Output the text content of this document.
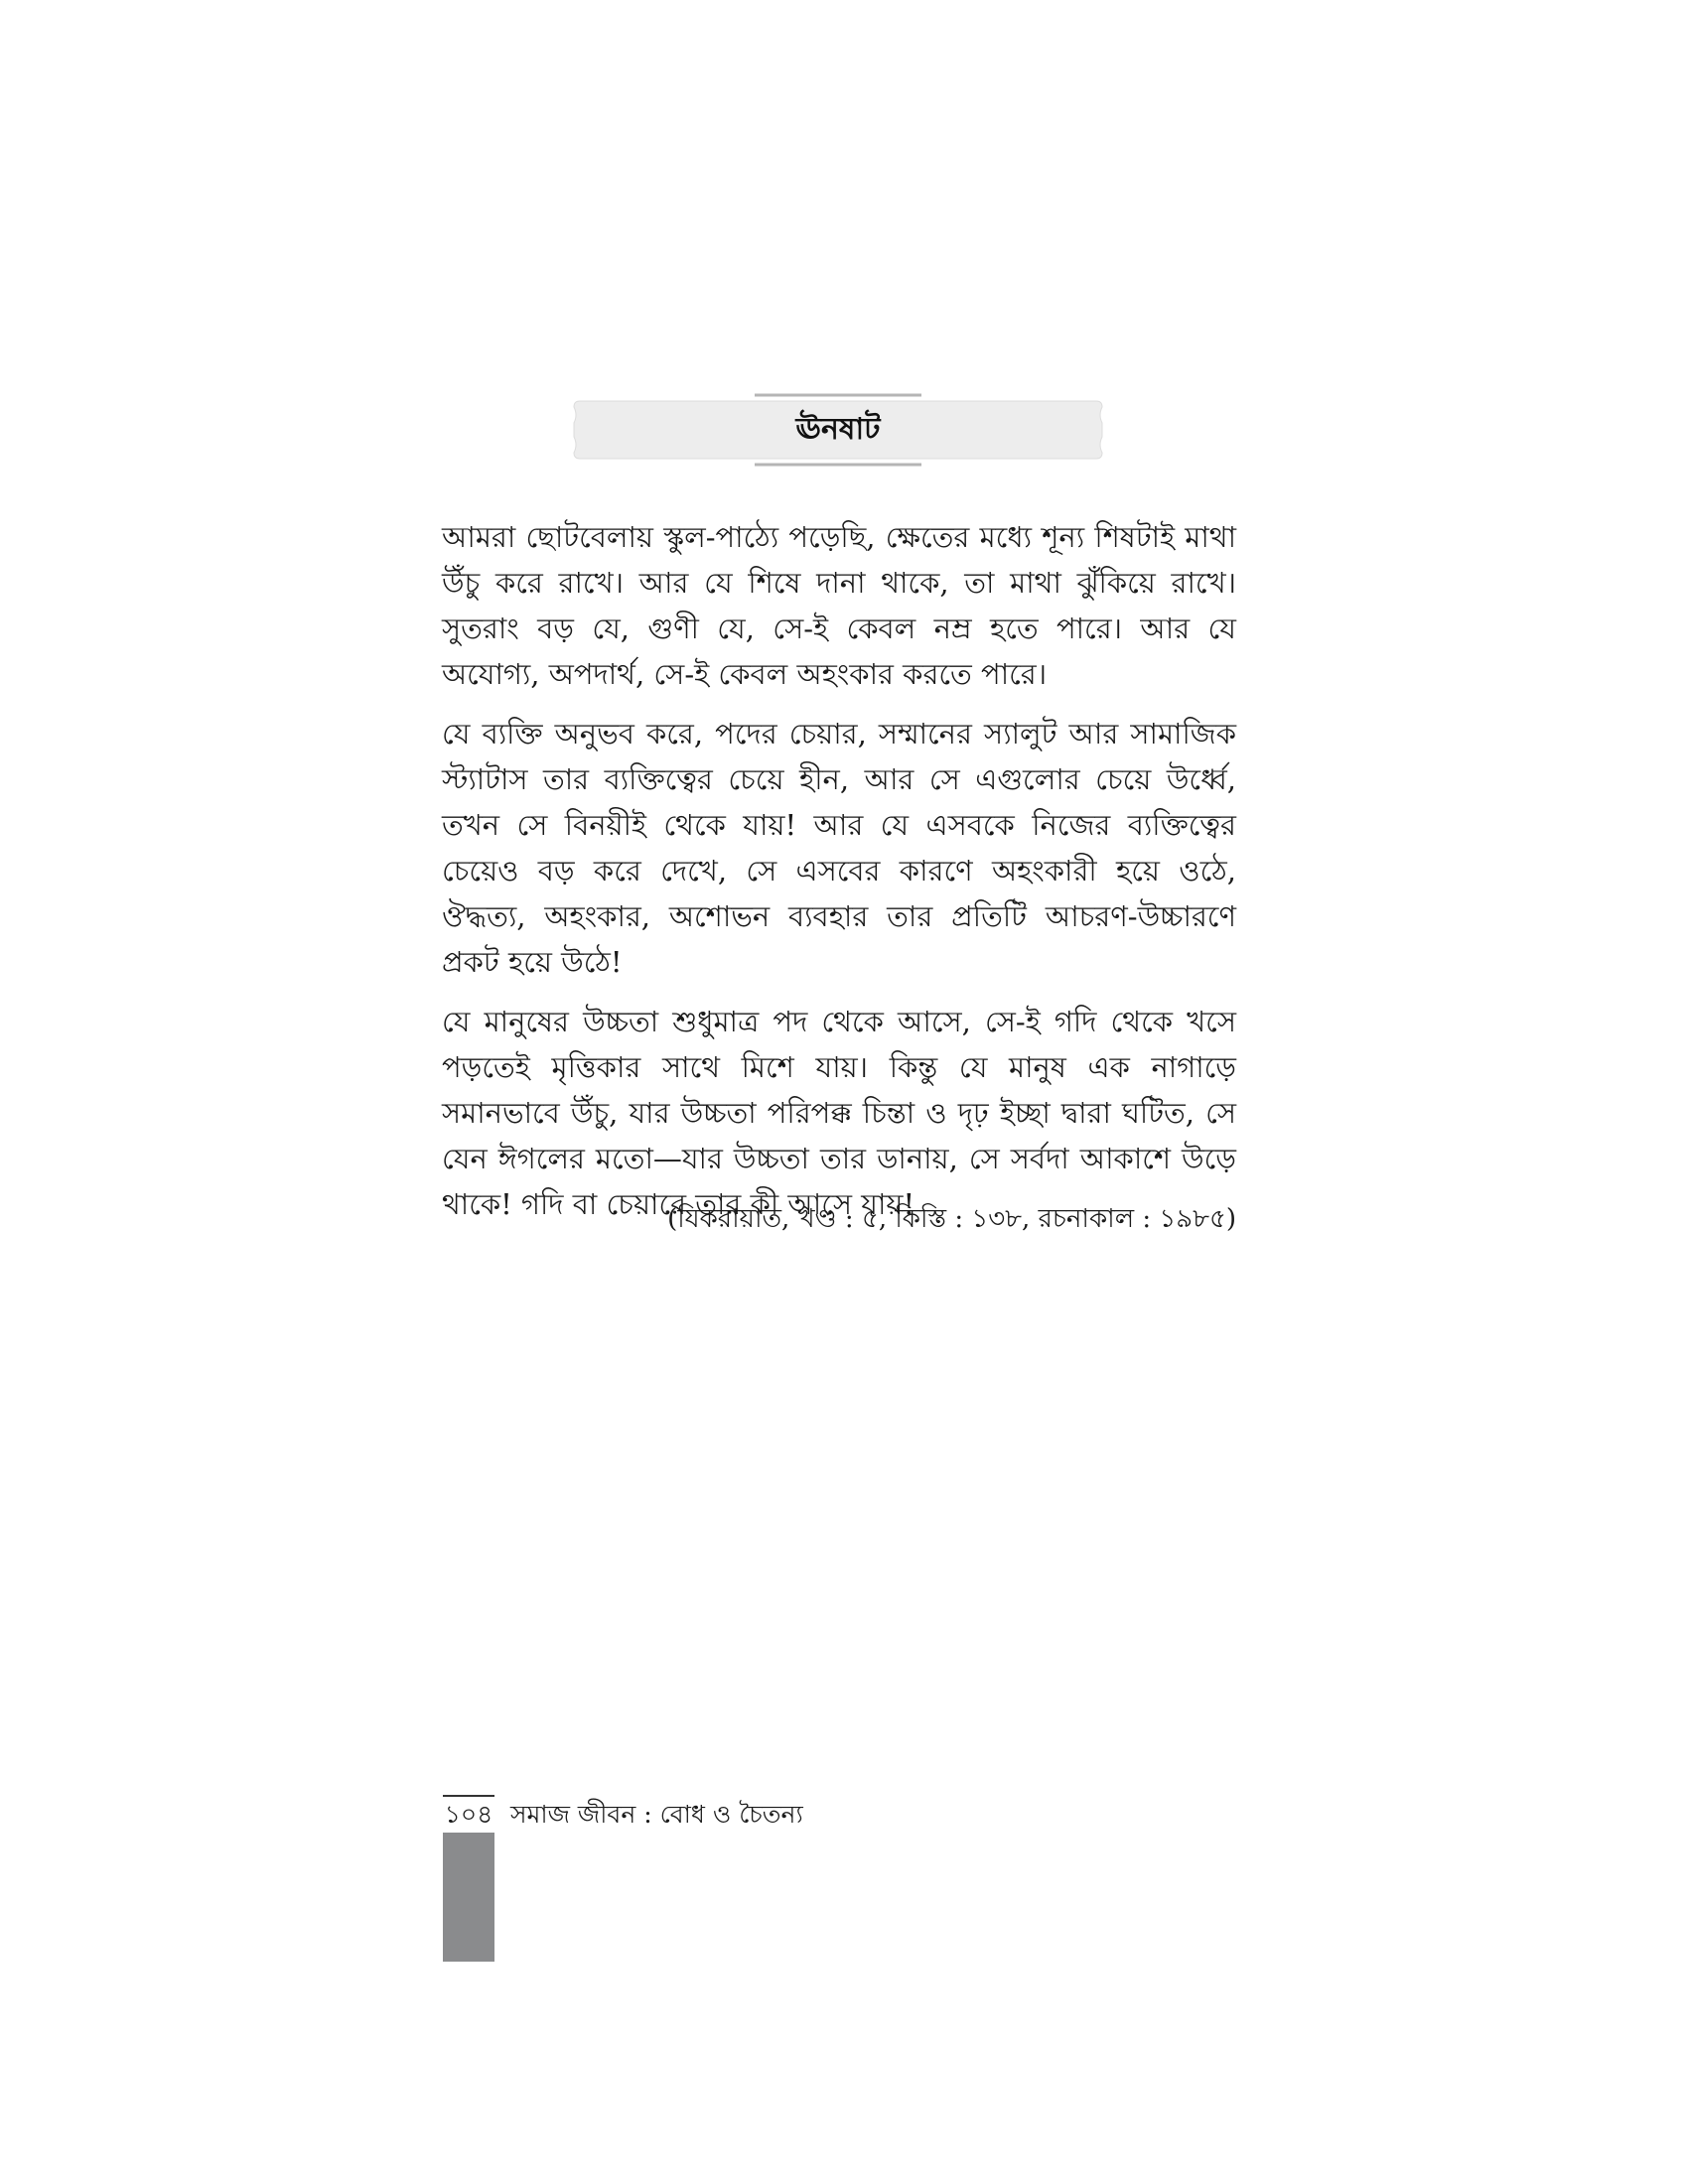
ঊনষাট

আমরা ছোটবেলায় স্কুল-পাঠ্যে পড়েছি, ক্ষেতের মধ্যে শূন্য শিষটাই মাথা উঁচু করে রাখে। আর যে শিষে দানা থাকে, তা মাথা ঝুঁকিয়ে রাখে। সুতরাং বড় যে, গুণী যে, সে-ই কেবল নম্র হতে পারে। আর যে অযোগ্য, অপদার্থ, সে-ই কেবল অহংকার করতে পারে।

যে ব্যক্তি অনুভব করে, পদের চেয়ার, সম্মানের স্যালুট আর সামাজিক স্ট্যাটাস তার ব্যক্তিত্বের চেয়ে হীন, আর সে এগুলোর চেয়ে উর্ধ্বে, তখন সে বিনয়ীই থেকে যায়! আর যে এসবকে নিজের ব্যক্তিত্বের চেয়েও বড় করে দেখে, সে এসবের কারণে অহংকারী হয়ে ওঠে, ঔদ্ধত্য, অহংকার, অশোভন ব্যবহার তার প্রতিটি আচরণ-উচ্চারণে প্রকট হয়ে উঠে!

যে মানুষের উচ্চতা শুধুমাত্র পদ থেকে আসে, সে-ই গদি থেকে খসে পড়তেই মৃত্তিকার সাথে মিশে যায়। কিন্তু যে মানুষ এক নাগাড়ে সমানভাবে উঁচু, যার উচ্চতা পরিপক্ক চিন্তা ও দৃঢ় ইচ্ছা দ্বারা ঘটিত, সে যেন ঈগলের মতো—যার উচ্চতা তার ডানায়, সে সর্বদা আকাশে উড়ে থাকে! গদি বা চেয়ারে তার কী আসে যায়!

(যিকরায়াত, খণ্ড : ৫, কিস্তি : ১৩৮, রচনাকাল : ১৯৮৫)
১০৪ সমাজ জীবন : বোধ ও চৈতন্য
